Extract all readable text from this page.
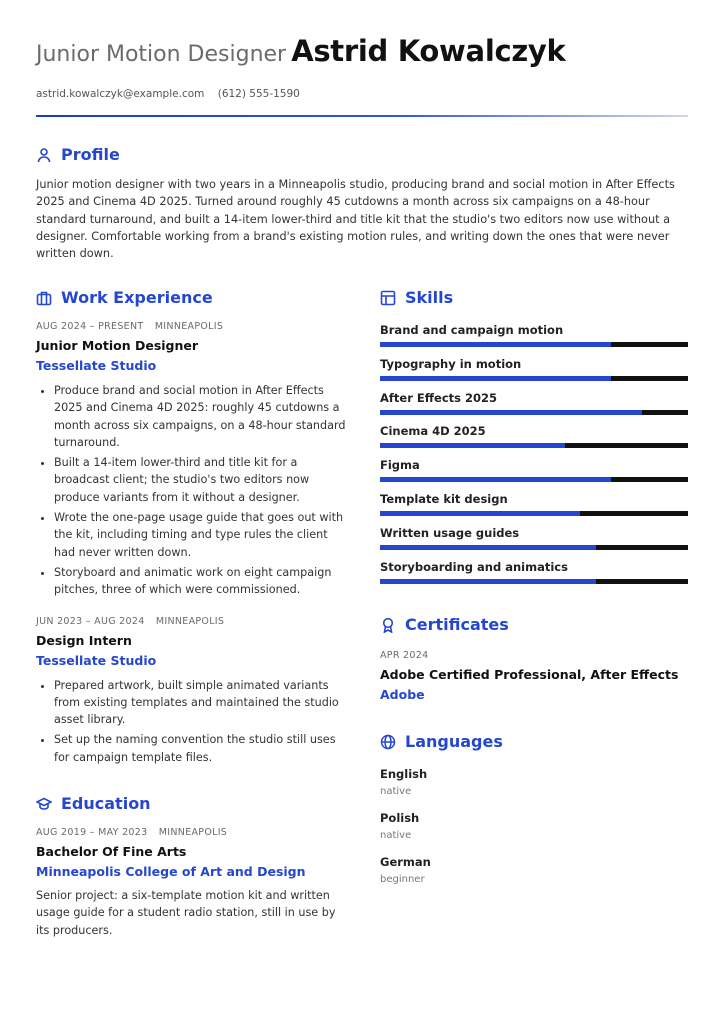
Junior Motion Designer Astrid Kowalczyk
astrid.kowalczyk@example.com (612) 555-1590
Profile
Junior motion designer with two years in a Minneapolis studio, producing brand and social motion in After Effects 2025 and Cinema 4D 2025. Turned around roughly 45 cutdowns a month across six campaigns on a 48-hour standard turnaround, and built a 14-item lower-third and title kit that the studio's two editors now use without a designer. Comfortable working from a brand's existing motion rules, and writing down the ones that were never written down.
Work Experience
AUG 2024 – PRESENT MINNEAPOLIS
Junior Motion Designer
Tessellate Studio
• Produce brand and social motion in After Effects 2025 and Cinema 4D 2025: roughly 45 cutdowns a month across six campaigns, on a 48-hour standard turnaround.
• Built a 14-item lower-third and title kit for a broadcast client; the studio's two editors now produce variants from it without a designer.
• Wrote the one-page usage guide that goes out with the kit, including timing and type rules the client had never written down.
• Storyboard and animatic work on eight campaign pitches, three of which were commissioned.
JUN 2023 – AUG 2024 MINNEAPOLIS
Design Intern
Tessellate Studio
• Prepared artwork, built simple animated variants from existing templates and maintained the studio asset library.
• Set up the naming convention the studio still uses for campaign template files.
Education
AUG 2019 – MAY 2023 MINNEAPOLIS
Bachelor Of Fine Arts
Minneapolis College of Art and Design
Senior project: a six-template motion kit and written usage guide for a student radio station, still in use by its producers.
Skills
Brand and campaign motion
Typography in motion
After Effects 2025
Cinema 4D 2025
Figma
Template kit design
Written usage guides
Storyboarding and animatics
Certificates
APR 2024
Adobe Certified Professional, After Effects
Adobe
Languages
English
native
Polish
native
German
beginner
